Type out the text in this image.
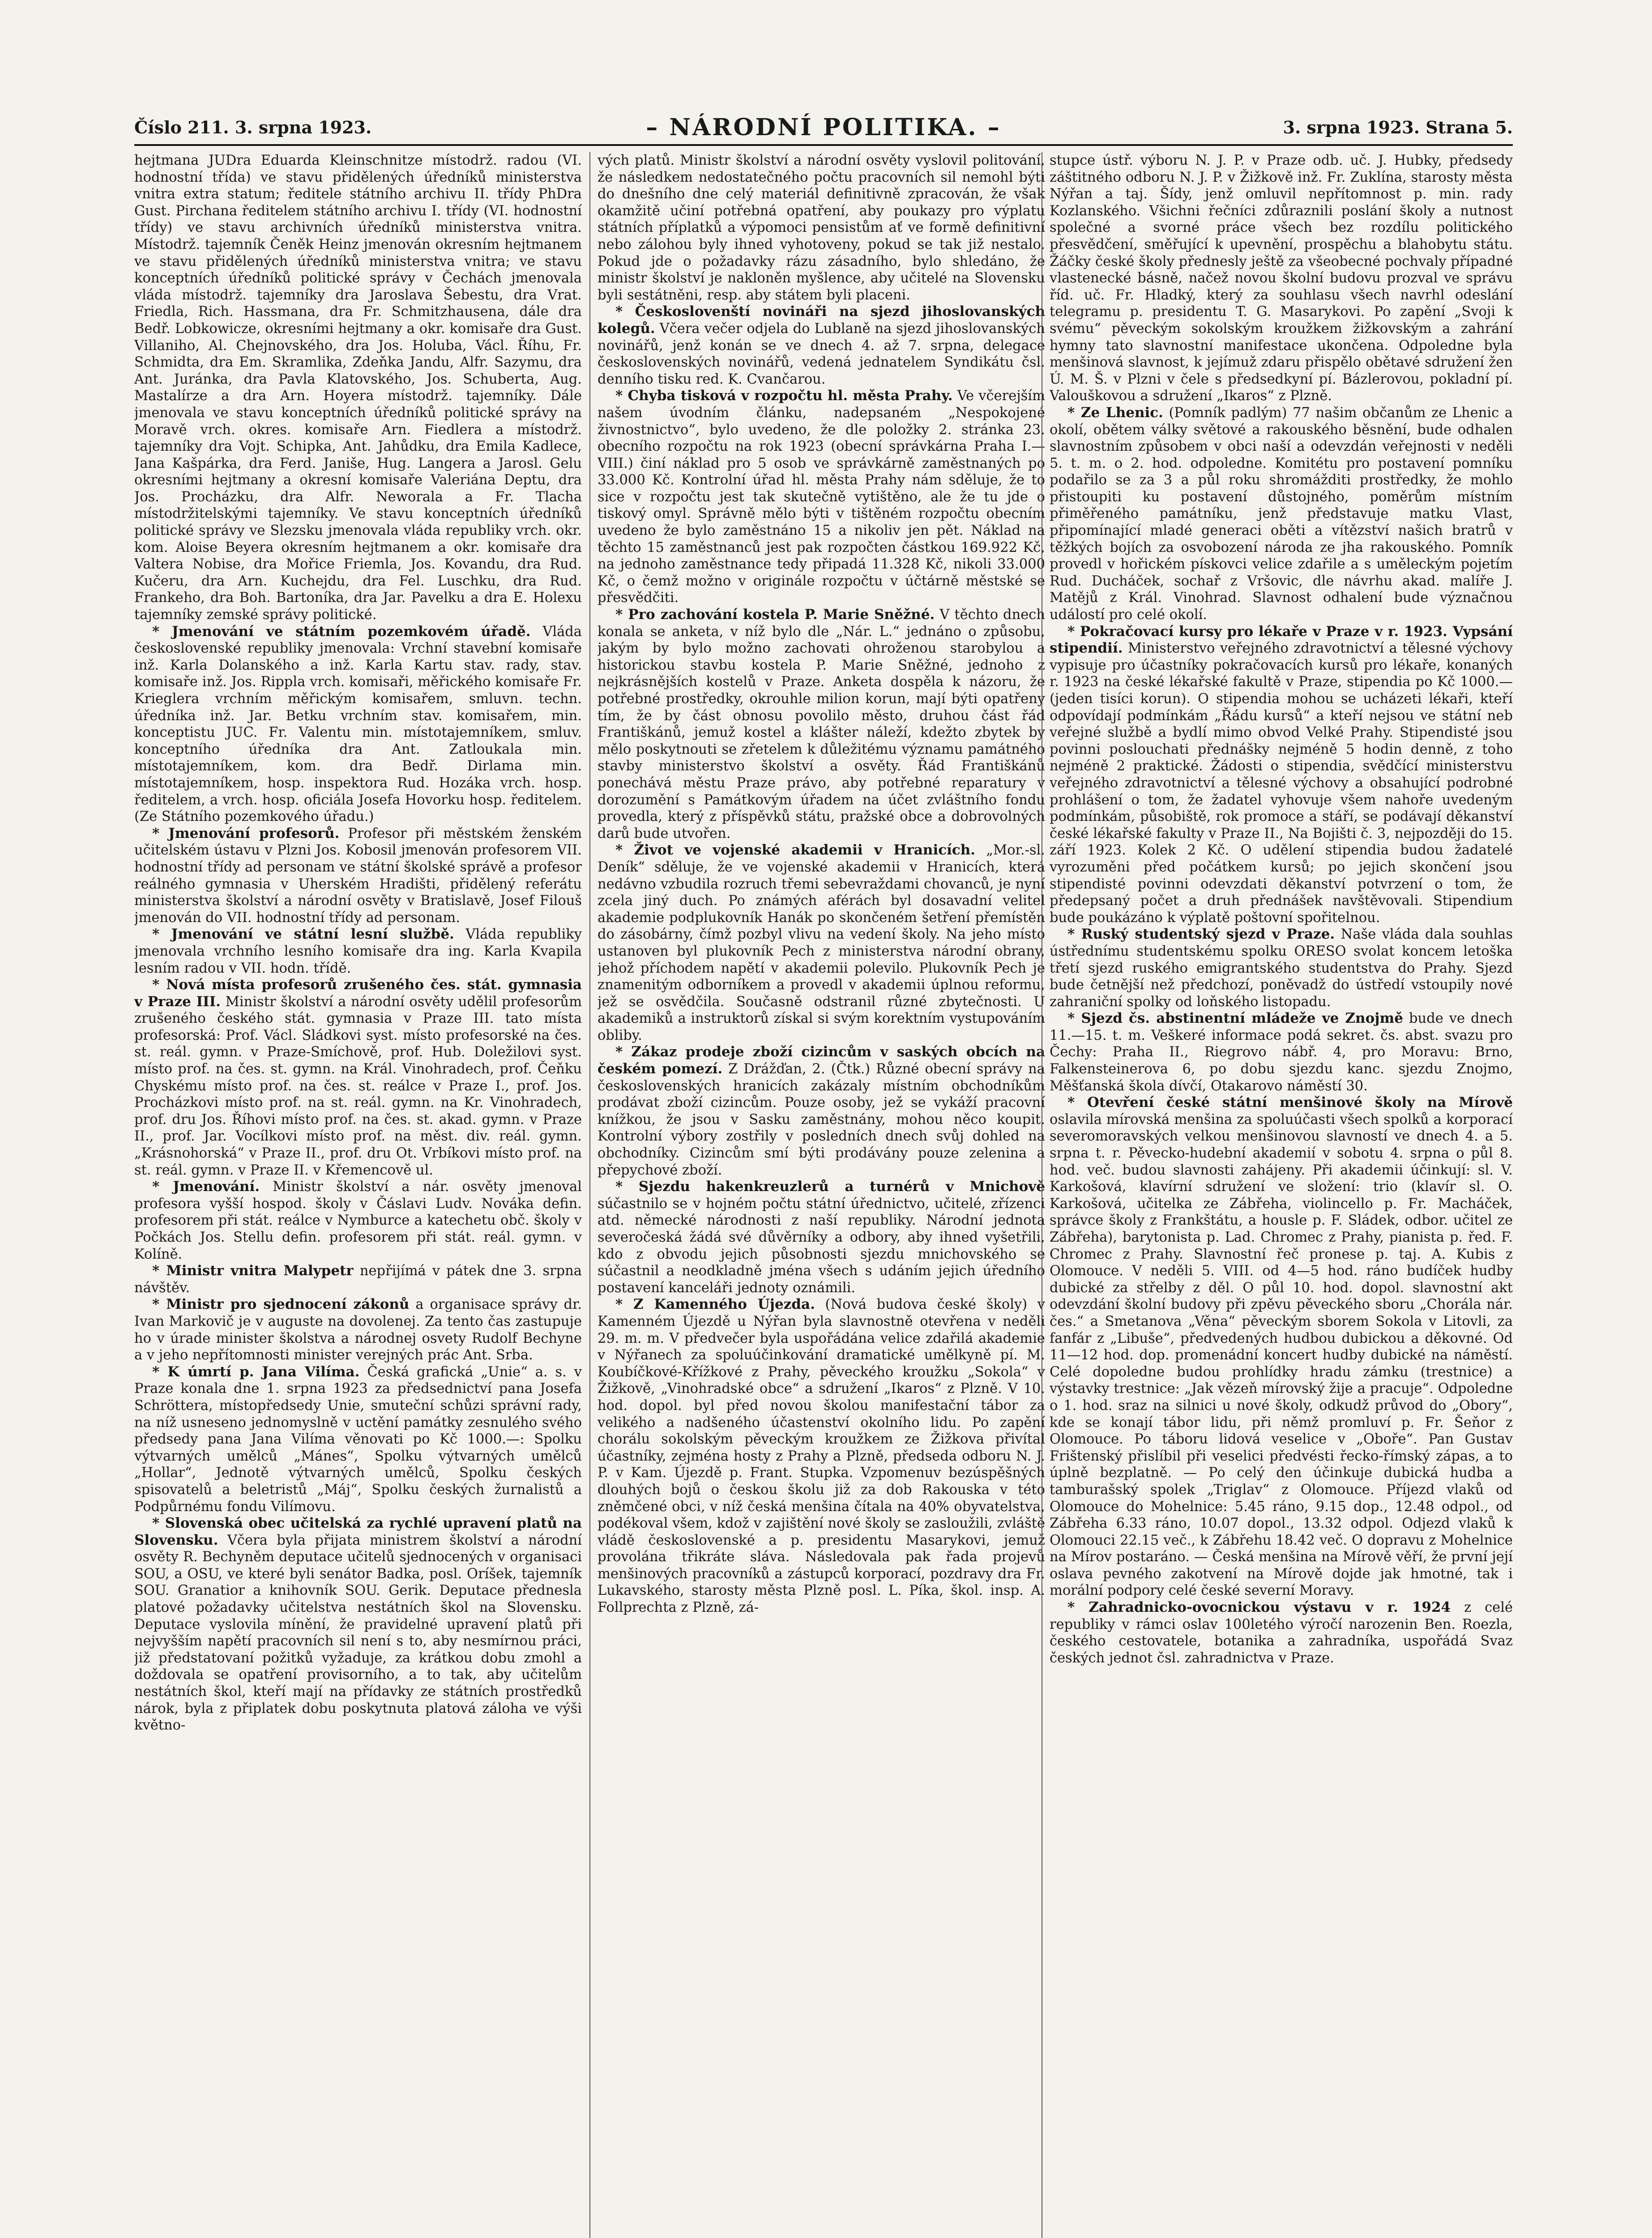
Číslo 211. 3. srpna 1923.	– NÁRODNÍ POLITIKA. –	3. srpna 1923. Strana 5.

hejtmana JUDra Eduarda Kleinschnitze místodrž. radou (VI. hodnostní třída) ve stavu přidělených úředníků ministerstva vnitra extra statum; ředitele státního archivu II. třídy PhDra Gust. Pirchana ředitelem státního archivu I. třídy (VI. hodnostní třídy) ve stavu archivních úředníků ministerstva vnitra. Místodrž. tajemník Čeněk Heinz jmenován okresním hejtmanem ve stavu přidělených úředníků ministerstva vnitra; ve stavu konceptních úředníků politické správy v Čechách jmenovala vláda místodrž. tajemníky dra Jaroslava Šebestu, dra Vrat. Friedla, Rich. Hassmana, dra Fr. Schmitzhausena, dále dra Bedř. Lobkowicze, okresními hejtmany a okr. komisaře dra Gust. Villaniho, Al. Chejnovského, dra Jos. Holuba, Václ. Říhu, Fr. Schmidta, dra Em. Skramlika, Zdeňka Jandu, Alfr. Sazymu, dra Ant. Juránka, dra Pavla Klatovského, Jos. Schuberta, Aug. Mastalírze a dra Arn. Hoyera místodrž. tajemníky. Dále jmenovala ve stavu konceptních úředníků politické správy na Moravě vrch. okres. komisaře Arn. Fiedlera a místodrž. tajemníky dra Vojt. Schipka, Ant. Jahůdku, dra Emila Kadlece, Jana Kašpárka, dra Ferd. Janiše, Hug. Langera a Jarosl. Gelu okresními hejtmany a okresní komisaře Valeriána Deptu, dra Jos. Procházku, dra Alfr. Neworala a Fr. Tlacha místodržitelskými tajemníky. Ve stavu konceptních úředníků politické správy ve Slezsku jmenovala vláda republiky vrch. okr. kom. Aloise Beyera okresním hejtmanem a okr. komisaře dra Valtera Nobise, dra Mořice Friemla, Jos. Kovandu, dra Rud. Kučeru, dra Arn. Kuchejdu, dra Fel. Luschku, dra Rud. Frankeho, dra Boh. Bartoníka, dra Jar. Pavelku a dra E. Holexu tajemníky zemské správy politické.

* Jmenování ve státním pozemkovém úřadě. Vláda československé republiky jmenovala: Vrchní stavební komisaře inž. Karla Dolanského a inž. Karla Kartu stav. rady, stav. komisaře inž. Jos. Rippla vrch. komisaři, měřického komisaře Fr. Krieglera vrchním měřickým komisařem, smluvn. techn. úředníka inž. Jar. Betku vrchním stav. komisařem, min. konceptistu JUC. Fr. Valentu min. místotajemníkem, smluv. konceptního úředníka dra Ant. Zatloukala min. místotajemníkem, kom. dra Bedř. Dirlama min. místotajemníkem, hosp. inspektora Rud. Hozáka vrch. hosp. ředitelem, a vrch. hosp. oficiála Josefa Hovorku hosp. ředitelem. (Ze Státního pozemkového úřadu.)

* Jmenování profesorů. Profesor při městském ženském učitelském ústavu v Plzni Jos. Kobosil jmenován profesorem VII. hodnostní třídy ad personam ve státní školské správě a profesor reálného gymnasia v Uherském Hradišti, přidělený referátu ministerstva školství a národní osvěty v Bratislavě, Josef Filouš jmenován do VII. hodnostní třídy ad personam.

* Jmenování ve státní lesní službě. Vláda republiky jmenovala vrchního lesního komisaře dra ing. Karla Kvapila lesním radou v VII. hodn. třídě.

* Nová místa profesorů zrušeného čes. stát. gymnasia v Praze III. Ministr školství a národní osvěty udělil profesorům zrušeného českého stát. gymnasia v Praze III. tato místa profesorská: Prof. Václ. Sládkovi syst. místo profesorské na čes. st. reál. gymn. v Praze-Smíchově, prof. Hub. Doležilovi syst. místo prof. na čes. st. gymn. na Král. Vinohradech, prof. Čeňku Chyskému místo prof. na čes. st. reálce v Praze I., prof. Jos. Procházkovi místo prof. na st. reál. gymn. na Kr. Vinohradech, prof. dru Jos. Říhovi místo prof. na čes. st. akad. gymn. v Praze II., prof. Jar. Vocílkovi místo prof. na měst. div. reál. gymn. „Krásnohorská“ v Praze II., prof. dru Ot. Vrbíkovi místo prof. na st. reál. gymn. v Praze II. v Křemencově ul.

* Jmenování. Ministr školství a nár. osvěty jmenoval profesora vyšší hospod. školy v Čáslavi Ludv. Nováka defin. profesorem při stát. reálce v Nymburce a katechetu obč. školy v Počkách Jos. Stellu defin. profesorem při stát. reál. gymn. v Kolíně.

* Ministr vnitra Malypetr nepřijímá v pátek dne 3. srpna návštěv.

* Ministr pro sjednocení zákonů a organisace správy dr. Ivan Markovič je v auguste na dovolenej. Za tento čas zastupuje ho v úrade minister školstva a národnej osvety Rudolf Bechyne a v jeho nepřítomnosti minister verejných prác Ant. Srba.

* K úmrtí p. Jana Vilíma. Česká grafická „Unie“ a. s. v Praze konala dne 1. srpna 1923 za předsednictví pana Josefa Schröttera, místopředsedy Unie, smuteční schůzi správní rady, na níž usneseno jednomyslně v uctění památky zesnulého svého předsedy pana Jana Vilíma věnovati po Kč 1000.—: Spolku výtvarných umělců „Mánes“, Spolku výtvarných umělců „Hollar“, Jednotě výtvarných umělců, Spolku českých spisovatelů a beletristů „Máj“, Spolku českých žurnalistů a Podpůrnému fondu Vilímovu.

* Slovenská obec učitelská za rychlé upravení platů na Slovensku. Včera byla přijata ministrem školství a národní osvěty R. Bechyněm deputace učitelů sjednocených v organisaci SOU, a OSU, ve které byli senátor Badka, posl. Oríšek, tajemník SOU. Granatior a knihovník SOU. Gerik. Deputace přednesla platové požadavky učitelstva nestátních škol na Slovensku. Deputace vyslovila mínění, že pravidelné upravení platů při nejvyšším napětí pracovních sil není s to, aby nesmírnou práci, již předstatovaní požitků vyžaduje, za krátkou dobu zmohl a doždovala se opatření provisorního, a to tak, aby učitelům nestátních škol, kteří mají na přídavky ze státních prostředků nárok, byla z připlatek dobu poskytnuta platová záloha ve výši květno-

vých platů. Ministr školství a národní osvěty vyslovil politování, že následkem nedostatečného počtu pracovních sil nemohl býti do dnešního dne celý materiál definitivně zpracován, že však okamžitě učiní potřebná opatření, aby poukazy pro výplatu státních příplatků a výpomoci pensistům ať ve formě definitivní nebo zálohou byly ihned vyhotoveny, pokud se tak již nestalo. Pokud jde o požadavky rázu zásadního, bylo shledáno, že ministr školství je nakloněn myšlence, aby učitelé na Slovensku byli sestátněni, resp. aby státem byli placeni.

* Českoslovenští novináři na sjezd jihoslovanských kolegů. Včera večer odjela do Lublaně na sjezd jihoslovanských novinářů, jenž konán se ve dnech 4. až 7. srpna, delegace československých novinářů, vedená jednatelem Syndikátu čsl. denního tisku red. K. Cvančarou.

* Chyba tisková v rozpočtu hl. města Prahy. Ve včerejším našem úvodním článku, nadepsaném „Nespokojené živnostnictvo“, bylo uvedeno, že dle položky 2. stránka 23. obecního rozpočtu na rok 1923 (obecní správkárna Praha I.—VIII.) činí náklad pro 5 osob ve správkárně zaměstnaných po 33.000 Kč. Kontrolní úřad hl. města Prahy nám sděluje, že to sice v rozpočtu jest tak skutečně vytištěno, ale že tu jde o tiskový omyl. Správně mělo býti v tištěném rozpočtu obecním uvedeno že bylo zaměstnáno 15 a nikoliv jen pět. Náklad na těchto 15 zaměstnanců jest pak rozpočten částkou 169.922 Kč, na jednoho zaměstnance tedy připadá 11.328 Kč, nikoli 33.000 Kč, o čemž možno v originále rozpočtu v účtárně městské se přesvědčiti.

* Pro zachování kostela P. Marie Sněžné. V těchto dnech konala se anketa, v níž bylo dle „Nár. L.“ jednáno o způsobu, jakým by bylo možno zachovati ohroženou starobylou a historickou stavbu kostela P. Marie Sněžné, jednoho z nejkrásnějších kostelů v Praze. Anketa dospěla k názoru, že potřebné prostředky, okrouhle milion korun, mají býti opatřeny tím, že by část obnosu povolilo město, druhou část řád Františkánů, jemuž kostel a klášter náleží, kdežto zbytek by mělo poskytnouti se zřetelem k důležitému významu památného stavby ministerstvo školství a osvěty. Řád Františkánů ponechává městu Praze právo, aby potřebné reparatury v dorozumění s Památkovým úřadem na účet zvláštního fondu provedla, který z příspěvků státu, pražské obce a dobrovolných darů bude utvořen.

* Život ve vojenské akademii v Hranicích. „Mor.-sl. Deník“ sděluje, že ve vojenské akademii v Hranicích, která nedávno vzbudila rozruch třemi sebevraždami chovanců, je nyní zcela jiný duch. Po známých aférách byl dosavadní velitel akademie podplukovník Hanák po skončeném šetření přemístěn do zásobárny, čímž pozbyl vlivu na vedení školy. Na jeho místo ustanoven byl plukovník Pech z ministerstva národní obrany, jehož příchodem napětí v akademii polevilo. Plukovník Pech je znamenitým odborníkem a provedl v akademii úplnou reformu, jež se osvědčila. Současně odstranil různé zbytečnosti. U akademiků a instruktorů získal si svým korektním vystupováním obliby.

* Zákaz prodeje zboží cizincům v saských obcích na českém pomezí. Z Drážďan, 2. (Čtk.) Různé obecní správy na československých hranicích zakázaly místním obchodníkům prodávat zboží cizincům. Pouze osoby, jež se vykáží pracovní knížkou, že jsou v Sasku zaměstnány, mohou něco koupit. Kontrolní výbory zostřily v posledních dnech svůj dohled na obchodníky. Cizincům smí býti prodávány pouze zelenina a přepychové zboží.

* Sjezdu hakenkreuzlerů a turnérů v Mnichově súčastnilo se v hojném počtu státní úřednictvo, učitelé, zřízenci atd. německé národnosti z naší republiky. Národní jednota severočeská žádá své důvěrníky a odbory, aby ihned vyšetřili, kdo z obvodu jejich působnosti sjezdu mnichovského se súčastnil a neodkladně jména všech s udáním jejich úředního postavení kanceláři jednoty oznámili.

* Z Kamenného Újezda. (Nová budova české školy) v Kamenném Újezdě u Nýřan byla slavnostně otevřena v neděli 29. m. m. V předvečer byla uspořádána velice zdařilá akademie v Nýřanech za spoluúčinkování dramatické umělkyně pí. M. Koubíčkové-Křížkové z Prahy, pěveckého kroužku „Sokola“ v Žižkově, „Vinohradské obce“ a sdružení „Ikaros“ z Plzně. V 10. hod. dopol. byl před novou školou manifestační tábor za velikého a nadšeného účastenství okolního lidu. Po zapění chorálu sokolským pěveckým kroužkem ze Žižkova přivítal účastníky, zejména hosty z Prahy a Plzně, předseda odboru N. J. P. v Kam. Újezdě p. Frant. Stupka. Vzpomenuv bezúspěšných dlouhých bojů o českou školu již za dob Rakouska v této zněmčené obci, v níž česká menšina čítala na 40% obyvatelstva, podékoval všem, kdož v zajištění nové školy se zasloužili, zvláště vládě československé a p. presidentu Masarykovi, jemuž provolána třikráte sláva. Následovala pak řada projevů menšinových pracovníků a zástupců korporací, pozdravy dra Fr. Lukavského, starosty města Plzně posl. L. Píka, škol. insp. A. Follprechta z Plzně, zá-

stupce ústř. výboru N. J. P. v Praze odb. uč. J. Hubky, předsedy záštitného odboru N. J. P. v Žižkově inž. Fr. Zuklína, starosty města Nýřan a taj. Šídy, jenž omluvil nepřítomnost p. min. rady Kozlanského. Všichni řečníci zdůraznili poslání školy a nutnost společné a svorné práce všech bez rozdílu politického přesvědčení, směřující k upevnění, prospěchu a blahobytu státu. Žáčky české školy přednesly ještě za všeobecné pochvaly případné vlastenecké básně, načež novou školní budovu prozval ve správu říd. uč. Fr. Hladký, který za souhlasu všech navrhl odeslání telegramu p. presidentu T. G. Masarykovi. Po zapění „Svoji k svému“ pěveckým sokolským kroužkem žižkovským a zahrání hymny tato slavnostní manifestace ukončena. Odpoledne byla menšinová slavnost, k jejímuž zdaru přispělo obětavé sdružení žen Ú. M. Š. v Plzni v čele s předsedkyní pí. Bázlerovou, pokladní pí. Valouškovou a sdružení „Ikaros“ z Plzně.

* Ze Lhenic. (Pomník padlým) 77 našim občanům ze Lhenic a okolí, obětem války světové a rakouského běsnění, bude odhalen slavnostním způsobem v obci naší a odevzdán veřejnosti v neděli 5. t. m. o 2. hod. odpoledne. Komitétu pro postavení pomníku podařilo se za 3 a půl roku shromážditi prostředky, že mohlo přistoupiti ku postavení důstojného, poměrům místním přiměřeného památníku, jenž představuje matku Vlast, připomínající mladé generaci oběti a vítězství našich bratrů v těžkých bojích za osvobození národa ze jha rakouského. Pomník provedl v hořickém pískovci velice zdařile a s uměleckým pojetím Rud. Ducháček, sochař z Vršovic, dle návrhu akad. malíře J. Matějů z Král. Vinohrad. Slavnost odhalení bude význačnou událostí pro celé okolí.

* Pokračovací kursy pro lékaře v Praze v r. 1923. Vypsání stipendií. Ministerstvo veřejného zdravotnictví a tělesné výchovy vypisuje pro účastníky pokračovacích kursů pro lékaře, konaných r. 1923 na české lékařské fakultě v Praze, stipendia po Kč 1000.— (jeden tisíci korun). O stipendia mohou se ucházeti lékaři, kteří odpovídají podmínkám „Řádu kursů“ a kteří nejsou ve státní neb veřejné službě a bydlí mimo obvod Velké Prahy. Stipendisté jsou povinni poslouchati přednášky nejméně 5 hodin denně, z toho nejméně 2 praktické. Žádosti o stipendia, svědčící ministerstvu veřejného zdravotnictví a tělesné výchovy a obsahující podrobné prohlášení o tom, že žadatel vyhovuje všem nahoře uvedeným podmínkám, působiště, rok promoce a stáří, se podávají děkanství české lékařské fakulty v Praze II., Na Bojišti č. 3, nejpozději do 15. září 1923. Kolek 2 Kč. O udělení stipendia budou žadatelé vyrozuměni před počátkem kursů; po jejich skončení jsou stipendisté povinni odevzdati děkanství potvrzení o tom, že předepsaný počet a druh přednášek navštěvovali. Stipendium bude poukázáno k výplatě poštovní spořitelnou.

* Ruský studentský sjezd v Praze. Naše vláda dala souhlas ústřednímu studentskému spolku ORESO svolat koncem letoška třetí sjezd ruského emigrantského studentstva do Prahy. Sjezd bude četnější než předchozí, poněvadž do ústředí vstoupily nové zahraniční spolky od loňského listopadu.

* Sjezd čs. abstinentní mládeže ve Znojmě bude ve dnech 11.—15. t. m. Veškeré informace podá sekret. čs. abst. svazu pro Čechy: Praha II., Riegrovo nábř. 4, pro Moravu: Brno, Falkensteinerova 6, po dobu sjezdu kanc. sjezdu Znojmo, Měšťanská škola dívčí, Otakarovo náměstí 30.

* Otevření české státní menšinové školy na Mírově oslavila mírovská menšina za spoluúčasti všech spolků a korporací severomoravských velkou menšinovou slavností ve dnech 4. a 5. srpna t. r. Pěvecko-hudební akademií v sobotu 4. srpna o půl 8. hod. več. budou slavnosti zahájeny. Při akademii účinkují: sl. V. Karkošová, klavírní sdružení ve složení: trio (klavír sl. O. Karkošová, učitelka ze Zábřeha, violincello p. Fr. Macháček, správce školy z Frankštátu, a housle p. F. Sládek, odbor. učitel ze Zábřeha), barytonista p. Lad. Chromec z Prahy, pianista p. řed. F. Chromec z Prahy. Slavnostní řeč pronese p. taj. A. Kubis z Olomouce. V neděli 5. VIII. od 4—5 hod. ráno budíček hudby dubické za střelby z děl. O půl 10. hod. dopol. slavnostní akt odevzdání školní budovy při zpěvu pěveckého sboru „Chorála nár. čes.“ a Smetanova „Věna“ pěveckým sborem Sokola v Litovli, za fanfár z „Libuše“, předvedených hudbou dubickou a děkovné. Od 11—12 hod. dop. promenádní koncert hudby dubické na náměstí. Celé dopoledne budou prohlídky hradu zámku (trestnice) a výstavky trestnice: „Jak vězeň mírovský žije a pracuje“. Odpoledne o 1. hod. sraz na silnici u nové školy, odkudž průvod do „Obory“, kde se konají tábor lidu, při němž promluví p. Fr. Šeňor z Olomouce. Po táboru lidová veselice v „Oboře“. Pan Gustav Frištenský přislíbil při veselici předvésti řecko-římský zápas, a to úplně bezplatně. — Po celý den účinkuje dubická hudba a tamburašský spolek „Triglav“ z Olomouce. Příjezd vlaků od Olomouce do Mohelnice: 5.45 ráno, 9.15 dop., 12.48 odpol., od Zábřeha 6.33 ráno, 10.07 dopol., 13.32 odpol. Odjezd vlaků k Olomouci 22.15 več., k Zábřehu 18.42 več. O dopravu z Mohelnice na Mírov postaráno. — Česká menšina na Mírově věří, že první její oslava pevného zakotvení na Mírově dojde jak hmotné, tak i morální podpory celé české severní Moravy.

* Zahradnicko-ovocnickou výstavu v r. 1924 z celé republiky v rámci oslav 100letého výročí narozenin Ben. Roezla, českého cestovatele, botanika a zahradníka, uspořádá Svaz českých jednot čsl. zahradnictva v Praze.
